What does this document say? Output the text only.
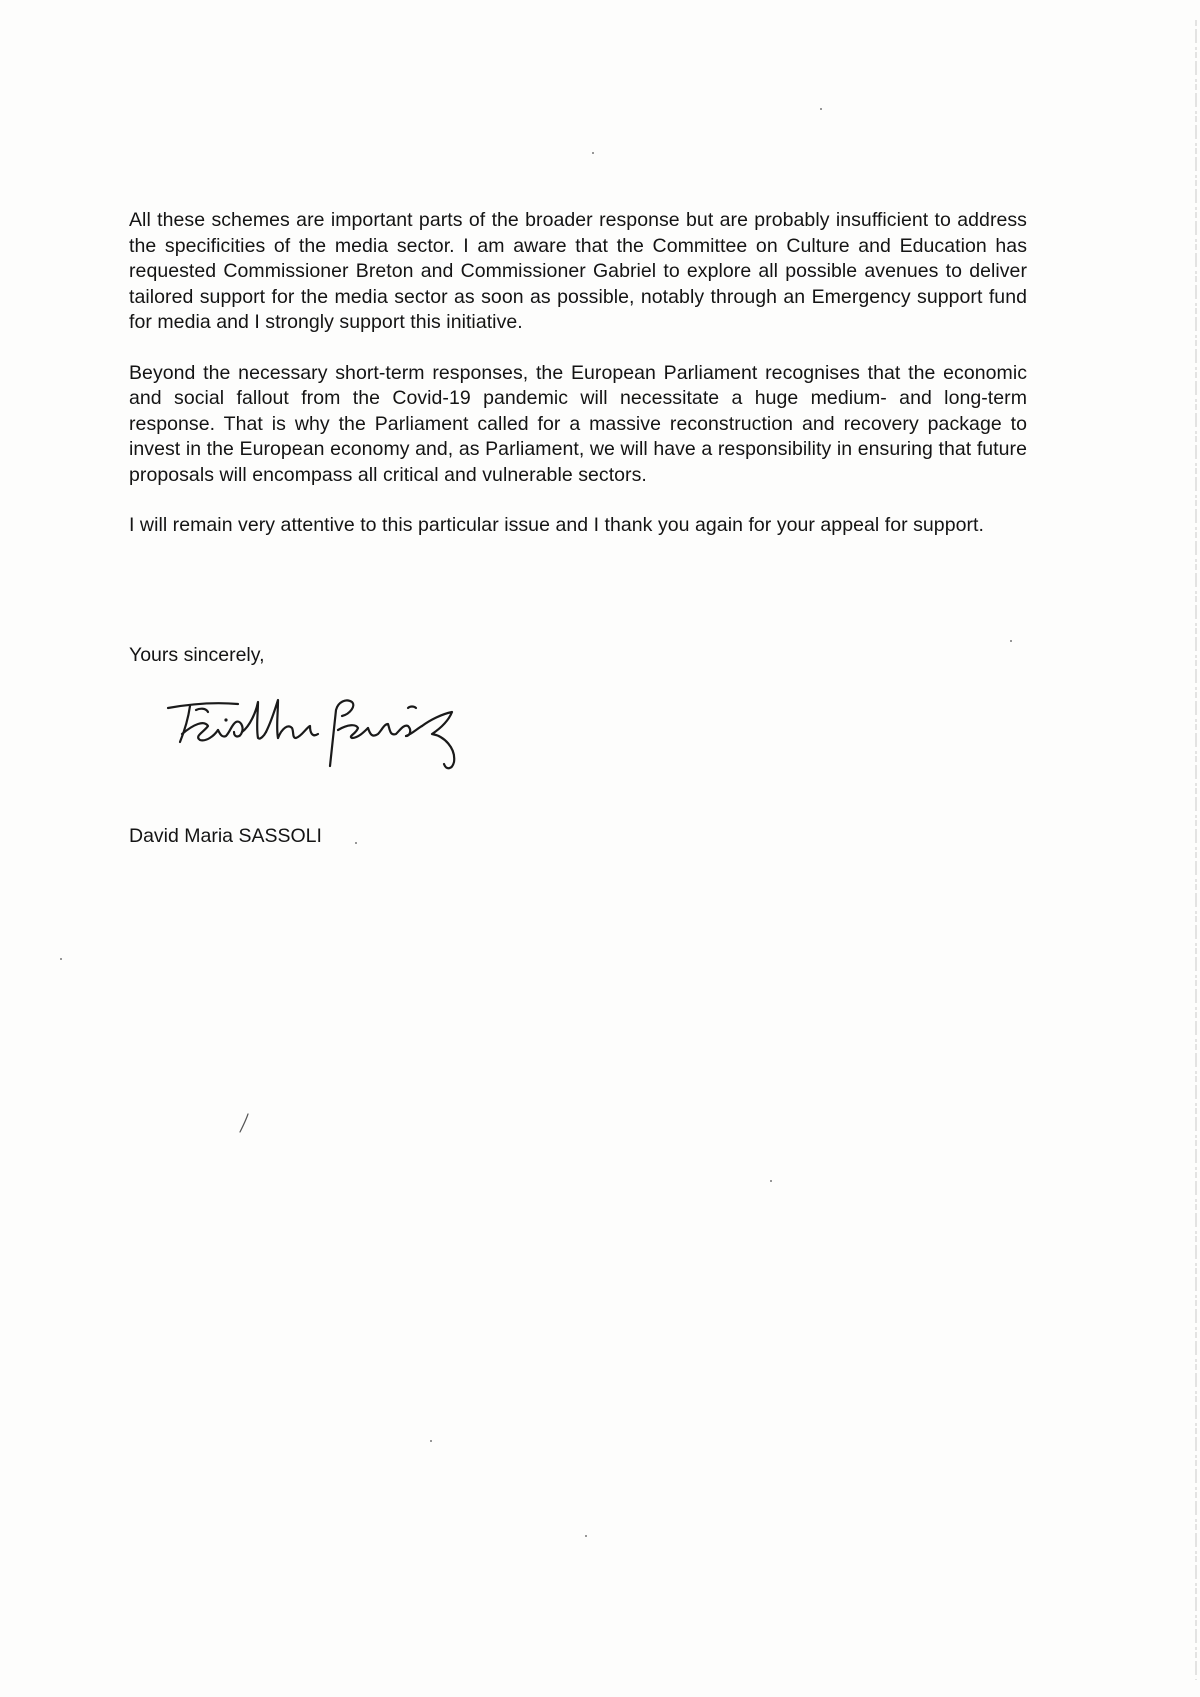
All these schemes are important parts of the broader response but are probably insufficient to address the specificities of the media sector. I am aware that the Committee on Culture and Education has requested Commissioner Breton and Commissioner Gabriel to explore all possible avenues to deliver tailored support for the media sector as soon as possible, notably through an Emergency support fund for media and I strongly support this initiative.

Beyond the necessary short-term responses, the European Parliament recognises that the economic and social fallout from the Covid-19 pandemic will necessitate a huge medium- and long-term response. That is why the Parliament called for a massive reconstruction and recovery package to invest in the European economy and, as Parliament, we will have a responsibility in ensuring that future proposals will encompass all critical and vulnerable sectors.

I will remain very attentive to this particular issue and I thank you again for your appeal for support.

Yours sincerely,

David Maria SASSOLI
